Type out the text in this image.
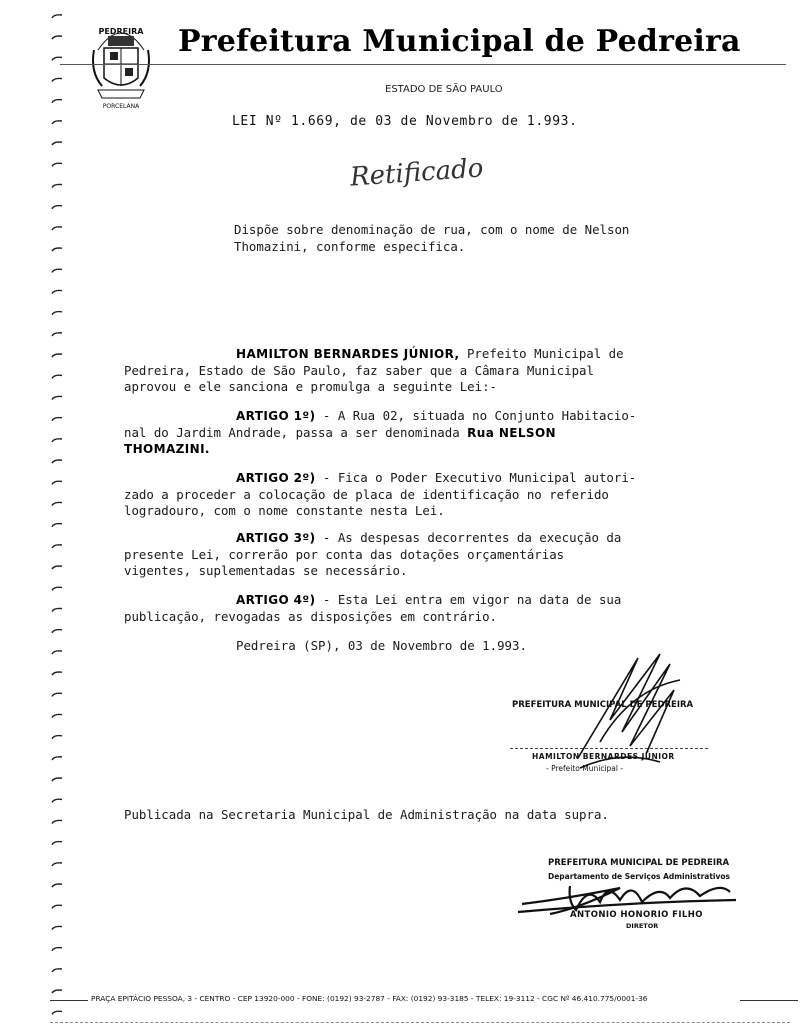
PEDREIRA
PORCELANA
Prefeitura Municipal de Pedreira
ESTADO DE SÃO PAULO
LEI Nº 1.669, de 03 de Novembro de 1.993.
Retificado
Dispõe sobre denominação de rua, com o nome de Nelson
Thomazini, conforme especifica.
HAMILTON BERNARDES JÚNIOR, Prefeito Municipal de
Pedreira, Estado de São Paulo, faz saber que a Câmara Municipal
aprovou e ele sanciona e promulga a seguinte Lei:-
ARTIGO 1º) - A Rua 02, situada no Conjunto Habitacio-
nal do Jardim Andrade, passa a ser denominada Rua NELSON
THOMAZINI.
ARTIGO 2º) - Fica o Poder Executivo Municipal autori-
zado a proceder a colocação de placa de identificação no referido
logradouro, com o nome constante nesta Lei.
ARTIGO 3º) - As despesas decorrentes da execução da
presente Lei, correrão por conta das dotações orçamentárias
vigentes, suplementadas se necessário.
ARTIGO 4º) - Esta Lei entra em vigor na data de sua
publicação, revogadas as disposições em contrário.
Pedreira (SP), 03 de Novembro de 1.993.
PREFEITURA MUNICIPAL DE PEDREIRA
HAMILTON BERNARDES JÚNIOR
- Prefeito Municipal -
Publicada na Secretaria Municipal de Administração na data supra.
PREFEITURA MUNICIPAL DE PEDREIRA
Departamento de Serviços Administrativos
ANTONIO HONORIO FILHO
DIRETOR
PRAÇA EPITÁCIO PESSOA, 3 - CENTRO - CEP 13920-000 - FONE: (0192) 93-2787 - FAX: (0192) 93-3185 - TELEX: 19-3112 - CGC Nº 46.410.775/0001-36
